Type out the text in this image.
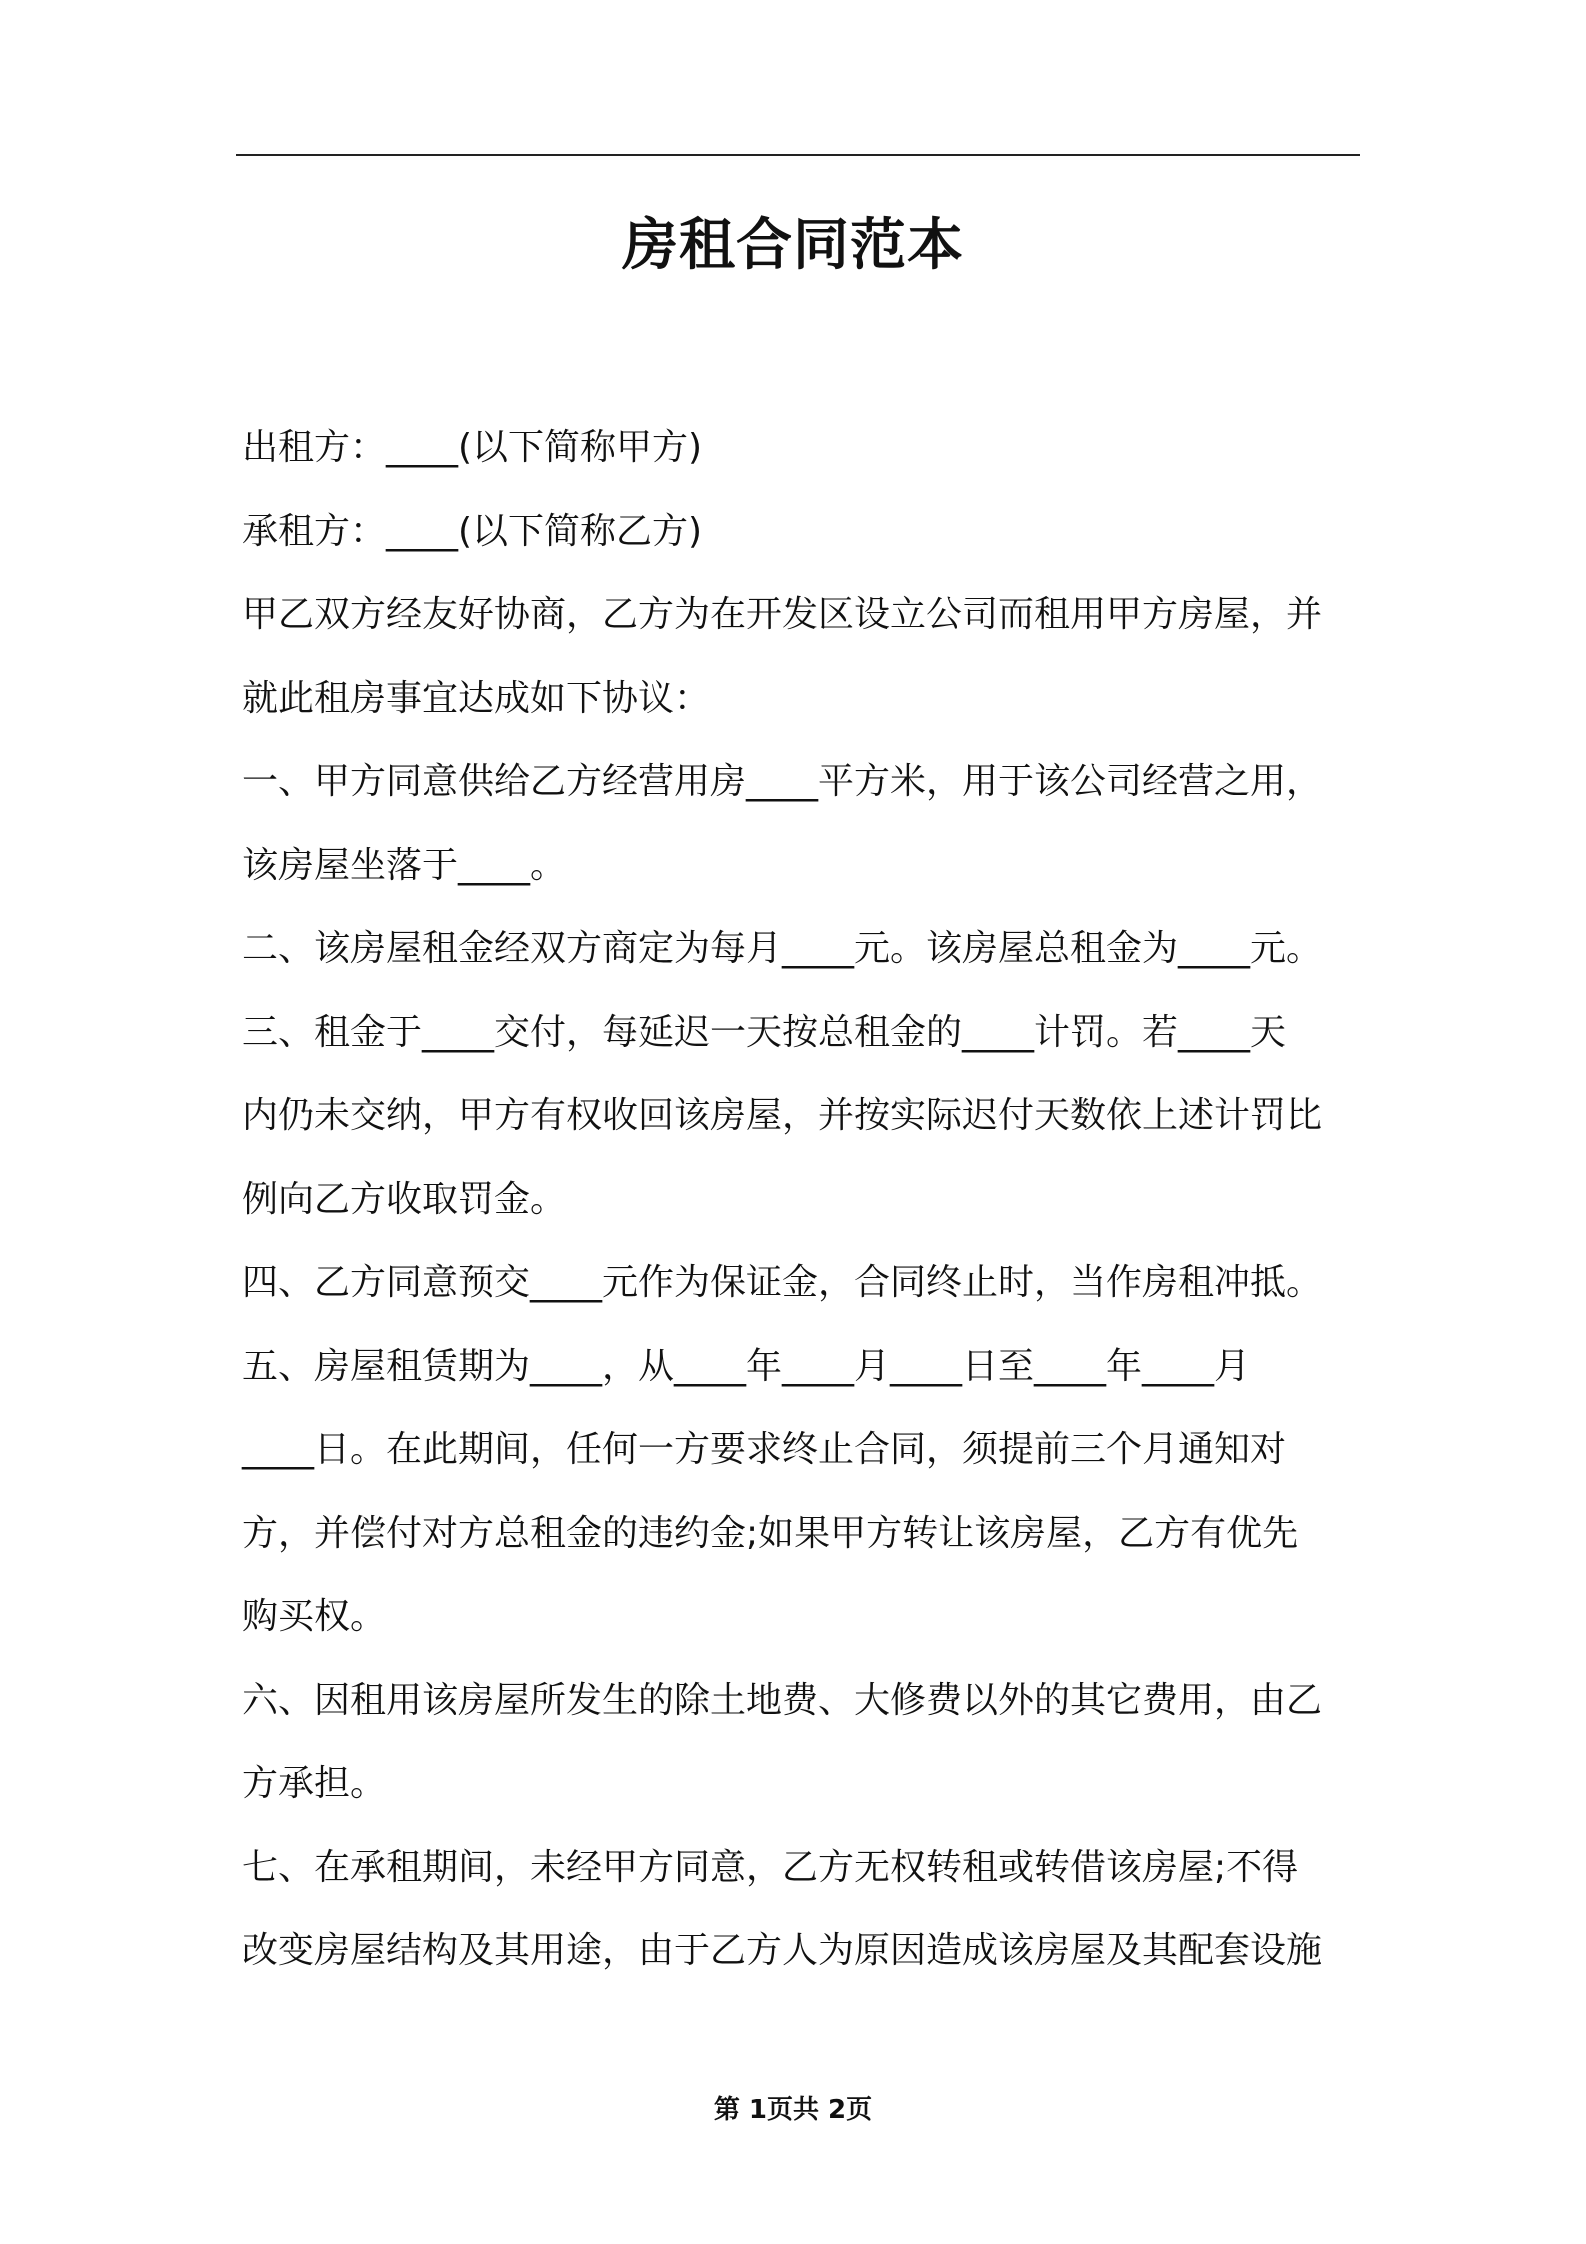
房租合同范本

出租方：____(以下简称甲方)

承租方：____(以下简称乙方)

甲乙双方经友好协商，乙方为在开发区设立公司而租用甲方房屋，并

就此租房事宜达成如下协议：

一、甲方同意供给乙方经营用房____平方米，用于该公司经营之用，

该房屋坐落于____。

二、该房屋租金经双方商定为每月____元。该房屋总租金为____元。

三、租金于____交付，每延迟一天按总租金的____计罚。若____天

内仍未交纳，甲方有权收回该房屋，并按实际迟付天数依上述计罚比

例向乙方收取罚金。

四、乙方同意预交____元作为保证金，合同终止时，当作房租冲抵。

五、房屋租赁期为____，从____年____月____日至____年____月

____日。在此期间，任何一方要求终止合同，须提前三个月通知对

方，并偿付对方总租金的违约金;如果甲方转让该房屋，乙方有优先

购买权。

六、因租用该房屋所发生的除土地费、大修费以外的其它费用，由乙

方承担。

七、在承租期间，未经甲方同意，乙方无权转租或转借该房屋;不得

改变房屋结构及其用途，由于乙方人为原因造成该房屋及其配套设施

第 1页共 2页
